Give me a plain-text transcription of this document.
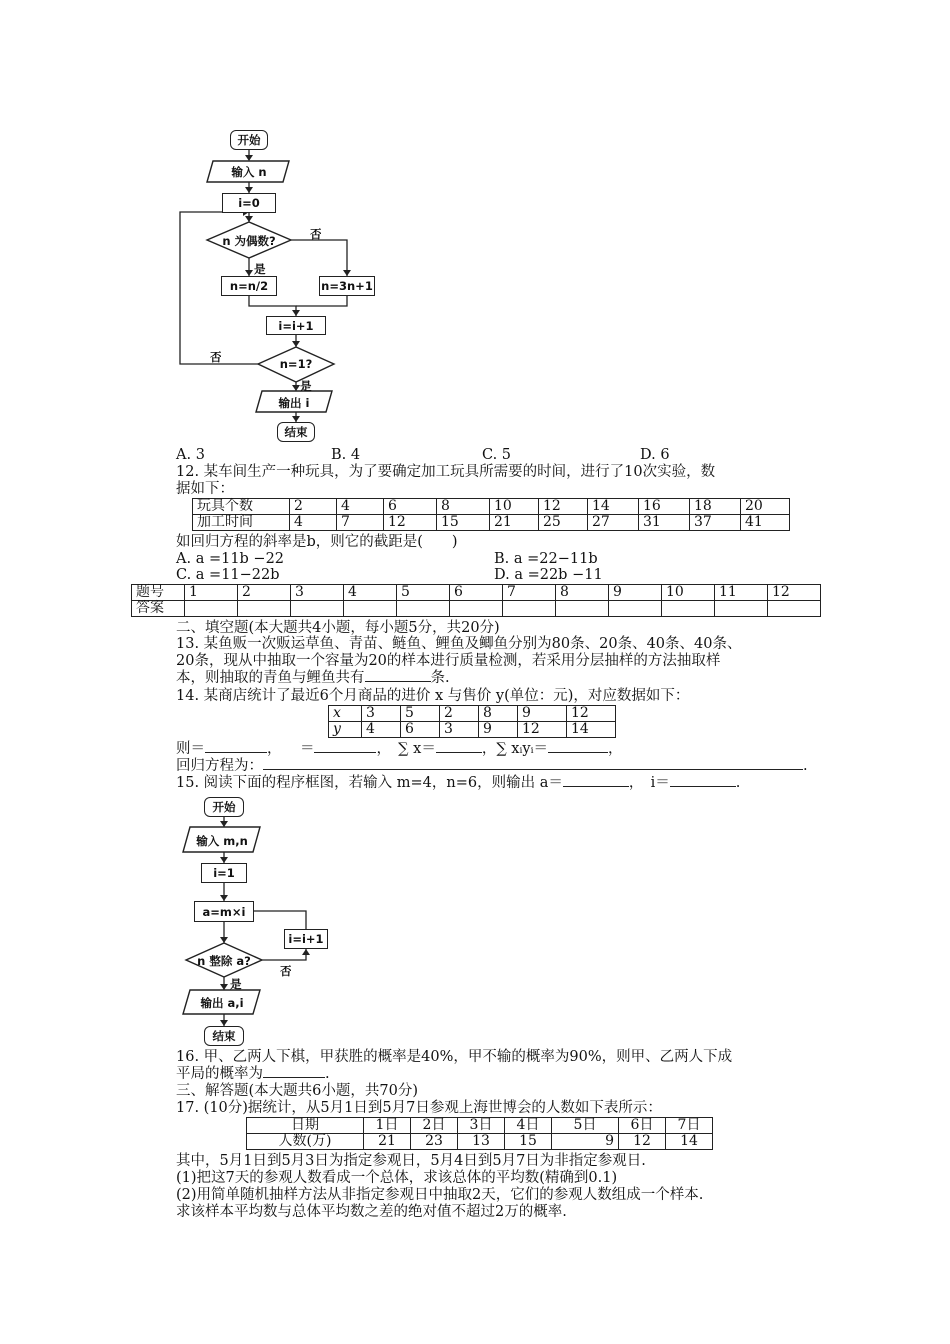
开始
输入 n
i=0
n 为偶数?	否
是
n=n/2	n=3n+1
i=i+1
n=1?
否
是
输出 i
结束
A. 3	B. 4	C. 5	D. 6
12. 某车间生产一种玩具，为了要确定加工玩具所需要的时间，进行了10次实验，数
据如下：
玩具个数	2	4	6	8	10	12	14	16	18	20
加工时间	4	7	12	15	21	25	27	31	37	41
如回归方程的斜率是b，则它的截距是(　　)
A. a =11b −22	B. a =22−11b
C. a =11−22b	D. a =22b −11
题号	1	2	3	4	5	6	7	8	9	10	11	12
答案												
二、填空题(本大题共4小题，每小题5分，共20分)
13. 某鱼贩一次贩运草鱼、青苗、鲢鱼、鲤鱼及鲫鱼分别为80条、20条、40条、40条、
20条，现从中抽取一个容量为20的样本进行质量检测，若采用分层抽样的方法抽取样
本，则抽取的青鱼与鲤鱼共有	条.
14. 某商店统计了最近6个月商品的进价 x 与售价 y(单位：元)，对应数据如下：
x	3	5	2	8	9	12
y	4	6	3	9	12	14
则＝	， ＝	，　∑ x＝	，∑ xᵢyᵢ＝	，
回归方程为：	.
15. 阅读下面的程序框图，若输入 m=4，n=6，则输出 a＝	，　i＝	.
开始
输入 m,n
i=1
a=m×i
i=i+1
n 整除 a?
否
是
输出 a,i
结束
16. 甲、乙两人下棋，甲获胜的概率是40%，甲不输的概率为90%，则甲、乙两人下成
平局的概率为	.
三、解答题(本大题共6小题，共70分)
17. (10分)据统计，从5月1日到5月7日参观上海世博会的人数如下表所示：
日期	1日	2日	3日	4日	5日	6日	7日
人数(万)	21	23	13	15	9	12	14
其中，5月1日到5月3日为指定参观日，5月4日到5月7日为非指定参观日.
(1)把这7天的参观人数看成一个总体，求该总体的平均数(精确到0.1)
(2)用简单随机抽样方法从非指定参观日中抽取2天，它们的参观人数组成一个样本.
求该样本平均数与总体平均数之差的绝对值不超过2万的概率.
